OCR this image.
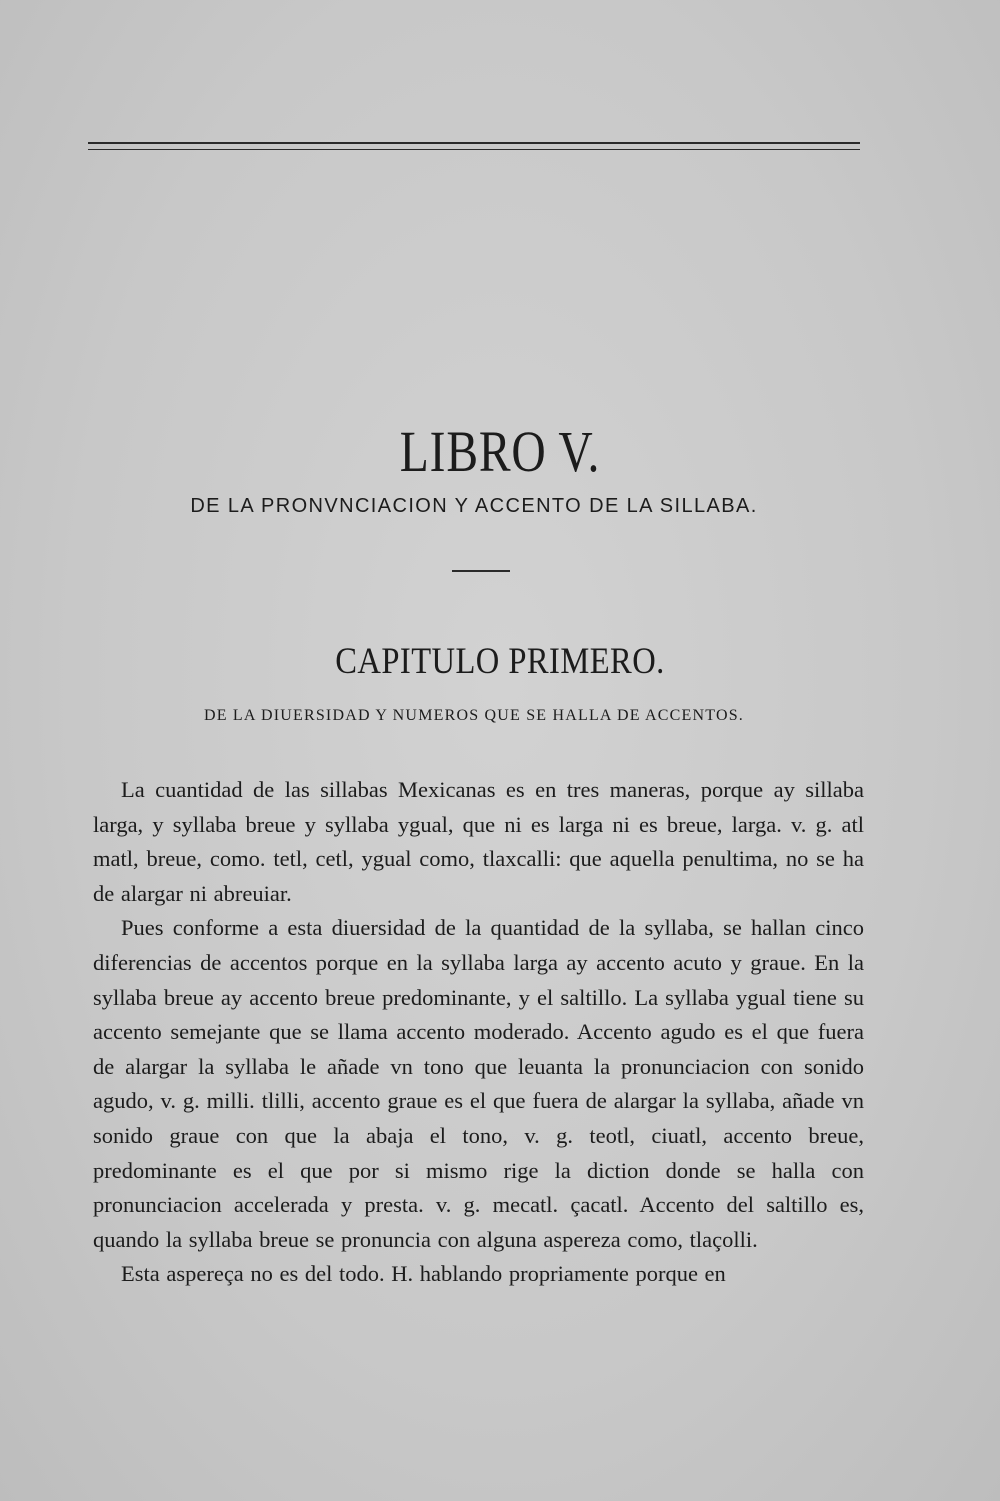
LIBRO V.
DE LA PRONVNCIACION Y ACCENTO DE LA SILLABA.
CAPITULO PRIMERO.
DE LA DIUERSIDAD Y NUMEROS QUE SE HALLA DE ACCENTOS.

La cuantidad de las sillabas Mexicanas es en tres maneras, porque ay sillaba larga, y syllaba breue y syllaba ygual, que ni es larga ni es breue, larga. v. g. atl matl, breue, como. tetl, cetl, ygual como, tlaxcalli: que aquella penultima, no se ha de alargar ni abreuiar.

Pues conforme a esta diuersidad de la quantidad de la syllaba, se hallan cinco diferencias de accentos porque en la syllaba larga ay accento acuto y graue. En la syllaba breue ay accento breue predominante, y el saltillo. La syllaba ygual tiene su accento semejante que se llama accento moderado. Accento agudo es el que fuera de alargar la syllaba le añade vn tono que leuanta la pronunciacion con sonido agudo, v. g. milli. tlilli, accento graue es el que fuera de alargar la syllaba, añade vn sonido graue con que la abaja el tono, v. g. teotl, ciuatl, accento breue, predominante es el que por si mismo rige la diction donde se halla con pronunciacion accelerada y presta. v. g. mecatl. çacatl. Accento del saltillo es, quando la syllaba breue se pronuncia con alguna aspereza como, tlaçolli.

Esta aspereça no es del todo. H. hablando propriamente porque en
